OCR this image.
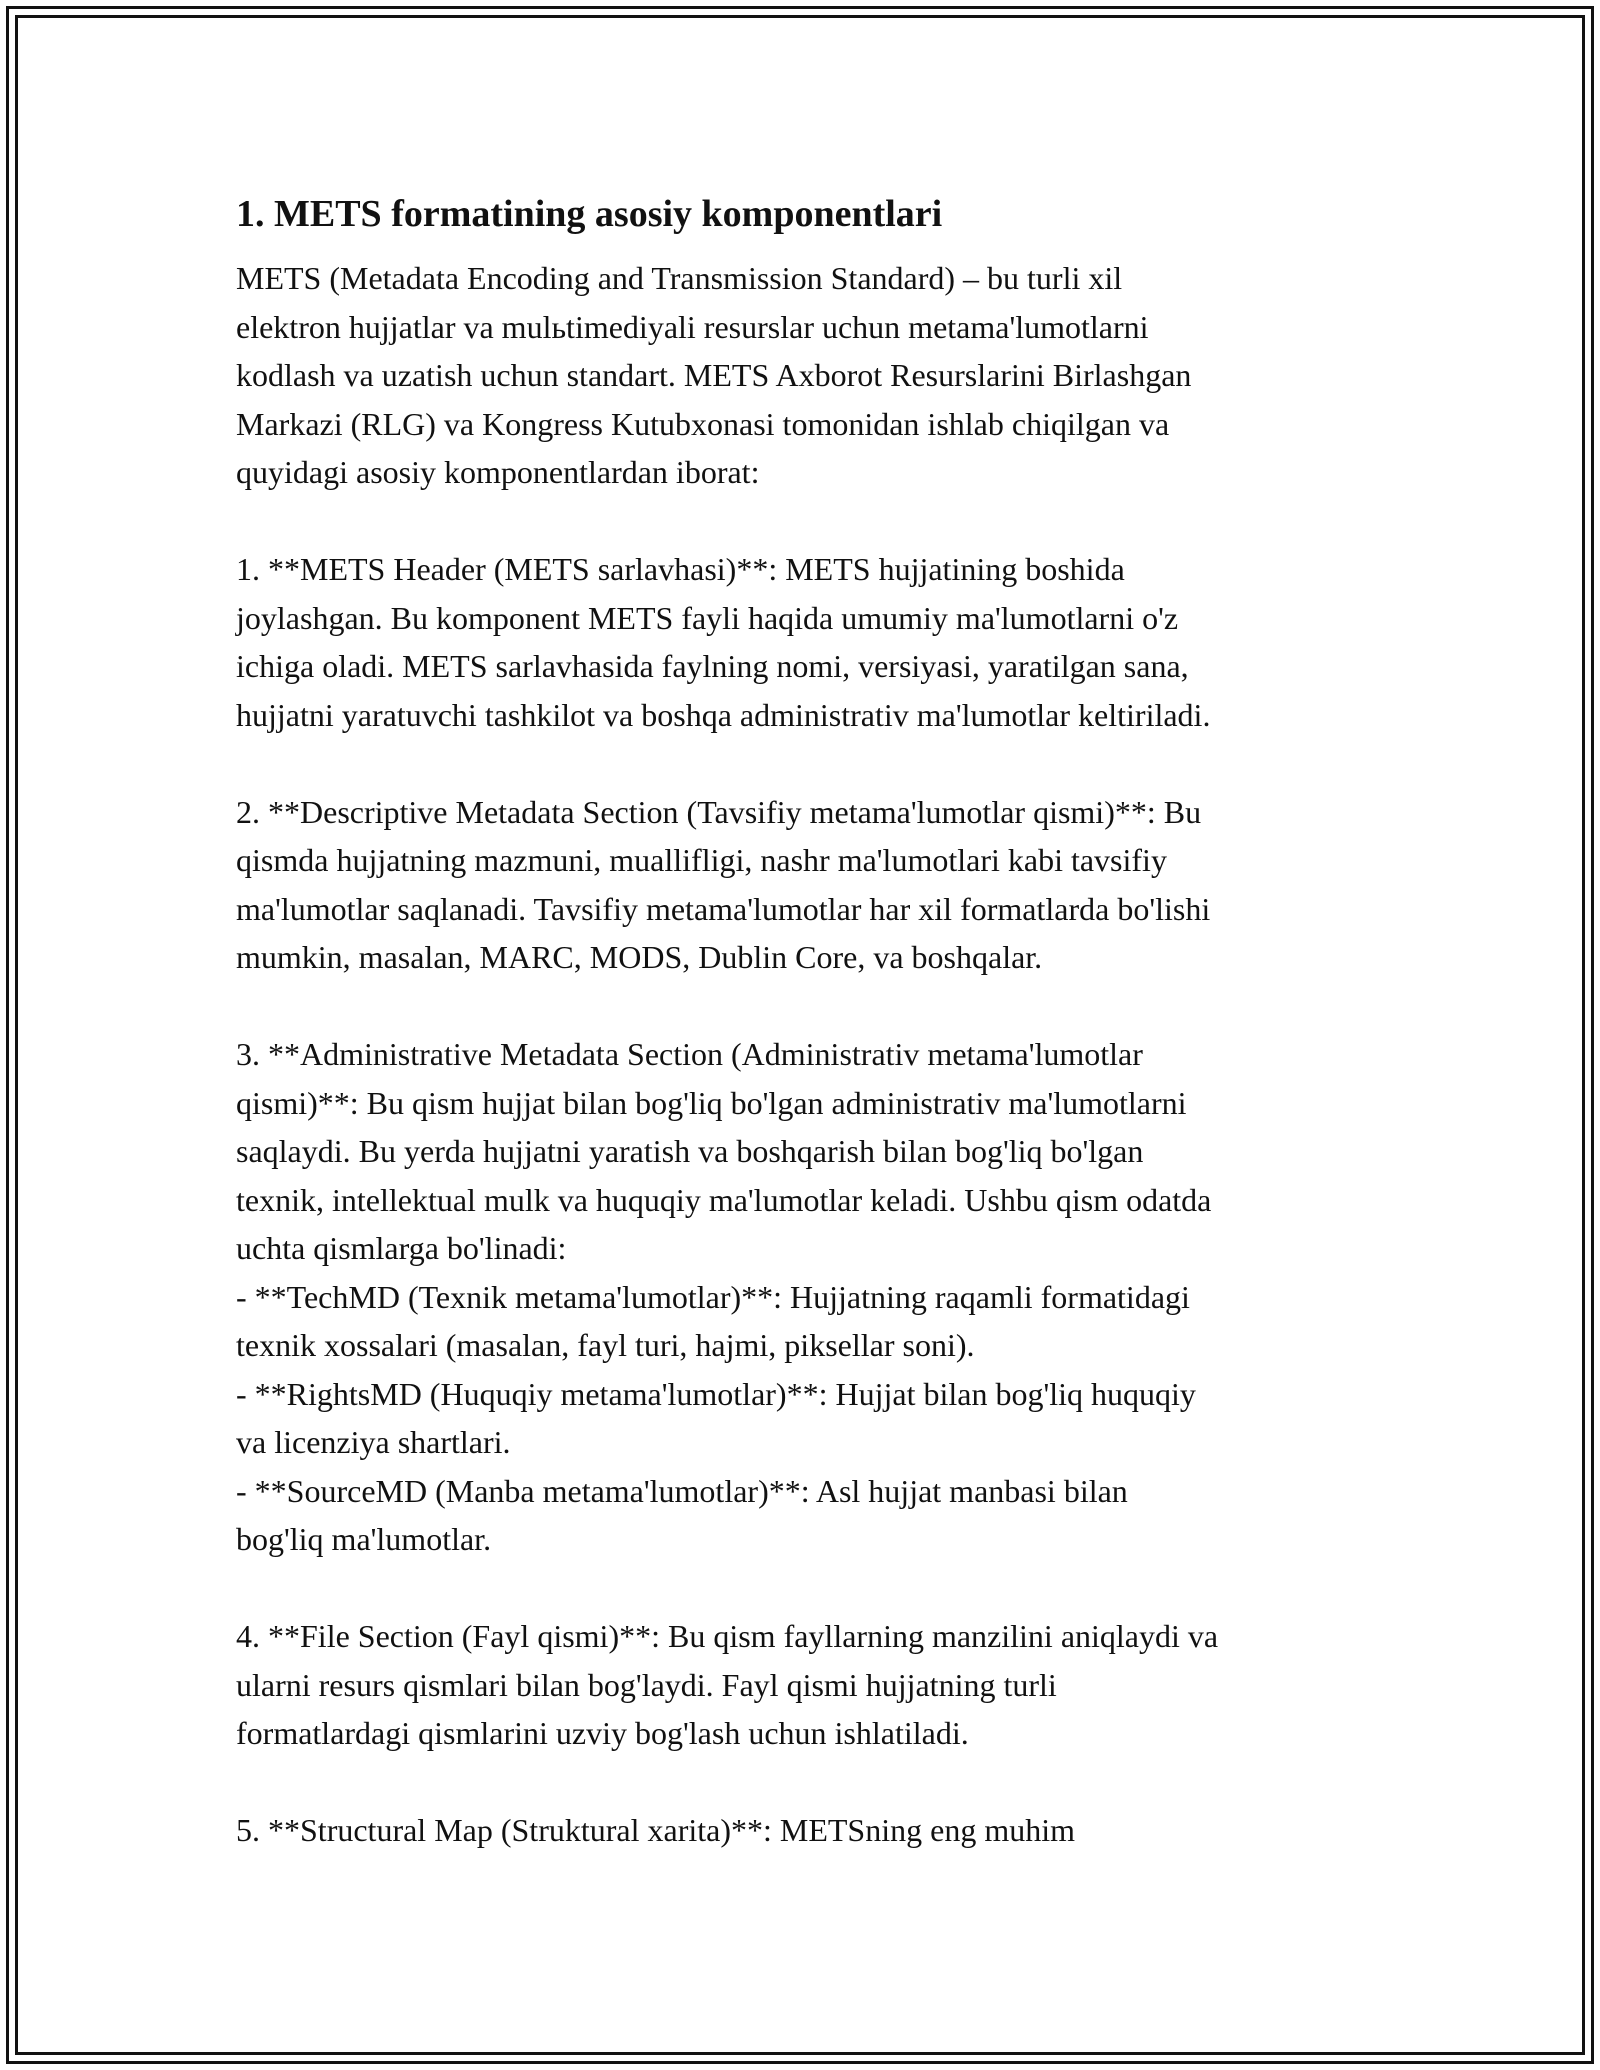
1. METS formatining asosiy komponentlari

METS (Metadata Encoding and Transmission Standard) – bu turli xil
elektron hujjatlar va mulьtimediyali resurslar uchun metama'lumotlarni
kodlash va uzatish uchun standart. METS Axborot Resurslarini Birlashgan
Markazi (RLG) va Kongress Kutubxonasi tomonidan ishlab chiqilgan va
quyidagi asosiy komponentlardan iborat:

1. **METS Header (METS sarlavhasi)**: METS hujjatining boshida
joylashgan. Bu komponent METS fayli haqida umumiy ma'lumotlarni o'z
ichiga oladi. METS sarlavhasida faylning nomi, versiyasi, yaratilgan sana,
hujjatni yaratuvchi tashkilot va boshqa administrativ ma'lumotlar keltiriladi.

2. **Descriptive Metadata Section (Tavsifiy metama'lumotlar qismi)**: Bu
qismda hujjatning mazmuni, muallifligi, nashr ma'lumotlari kabi tavsifiy
ma'lumotlar saqlanadi. Tavsifiy metama'lumotlar har xil formatlarda bo'lishi
mumkin, masalan, MARC, MODS, Dublin Core, va boshqalar.

3. **Administrative Metadata Section (Administrativ metama'lumotlar
qismi)**: Bu qism hujjat bilan bog'liq bo'lgan administrativ ma'lumotlarni
saqlaydi. Bu yerda hujjatni yaratish va boshqarish bilan bog'liq bo'lgan
texnik, intellektual mulk va huquqiy ma'lumotlar keladi. Ushbu qism odatda
uchta qismlarga bo'linadi:
- **TechMD (Texnik metama'lumotlar)**: Hujjatning raqamli formatidagi
texnik xossalari (masalan, fayl turi, hajmi, piksellar soni).
- **RightsMD (Huquqiy metama'lumotlar)**: Hujjat bilan bog'liq huquqiy
va licenziya shartlari.
- **SourceMD (Manba metama'lumotlar)**: Asl hujjat manbasi bilan
bog'liq ma'lumotlar.

4. **File Section (Fayl qismi)**: Bu qism fayllarning manzilini aniqlaydi va
ularni resurs qismlari bilan bog'laydi. Fayl qismi hujjatning turli
formatlardagi qismlarini uzviy bog'lash uchun ishlatiladi.

5. **Structural Map (Struktural xarita)**: METSning eng muhim
